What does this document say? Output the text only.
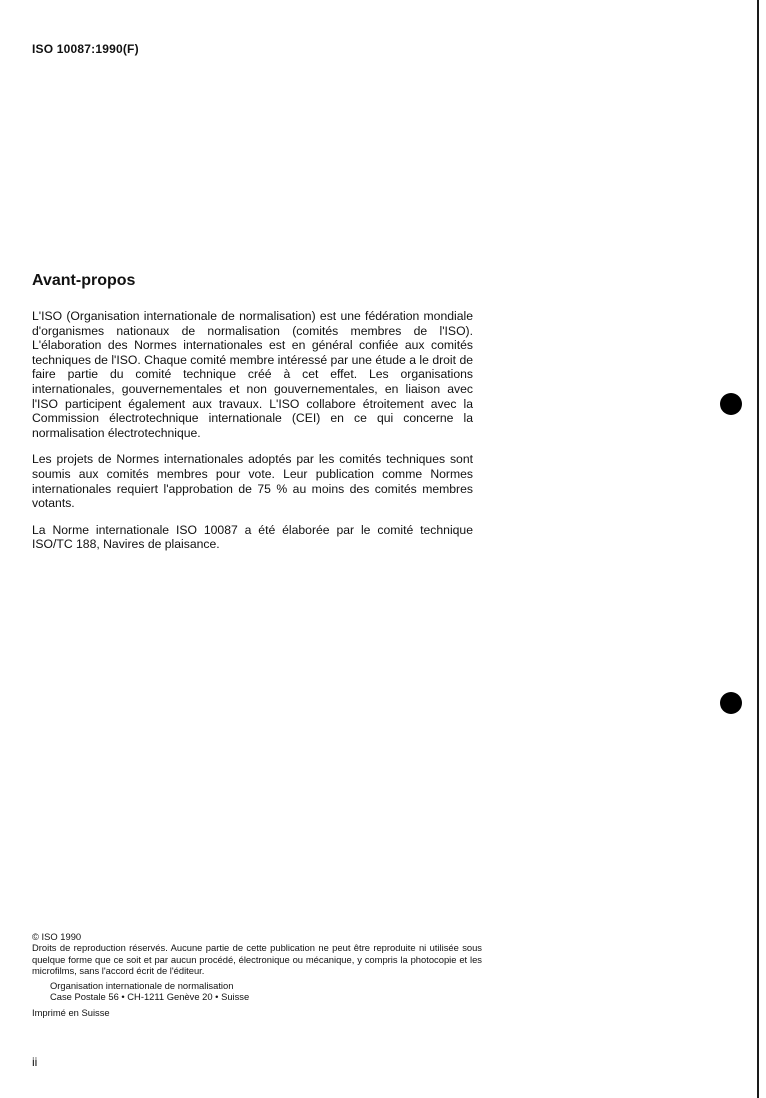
ISO 10087:1990(F)
Avant-propos

L'ISO (Organisation internationale de normalisation) est une fédération mondiale d'organismes nationaux de normalisation (comités membres de l'ISO). L'élaboration des Normes internationales est en général confiée aux comités techniques de l'ISO. Chaque comité membre intéressé par une étude a le droit de faire partie du comité technique créé à cet effet. Les organisations internationales, gouvernementales et non gouvernementales, en liaison avec l'ISO participent également aux travaux. L'ISO collabore étroitement avec la Commission électrotechnique internationale (CEI) en ce qui concerne la normalisation électrotechnique.

Les projets de Normes internationales adoptés par les comités techniques sont soumis aux comités membres pour vote. Leur publication comme Normes internationales requiert l'approbation de 75 % au moins des comités membres votants.

La Norme internationale ISO 10087 a été élaborée par le comité technique ISO/TC 188, Navires de plaisance.

© ISO 1990
Droits de reproduction réservés. Aucune partie de cette publication ne peut être reproduite ni utilisée sous quelque forme que ce soit et par aucun procédé, électronique ou mécanique, y compris la photocopie et les microfilms, sans l'accord écrit de l'éditeur.
Organisation internationale de normalisation
Case Postale 56 • CH-1211 Genève 20 • Suisse
Imprimé en Suisse
ii
